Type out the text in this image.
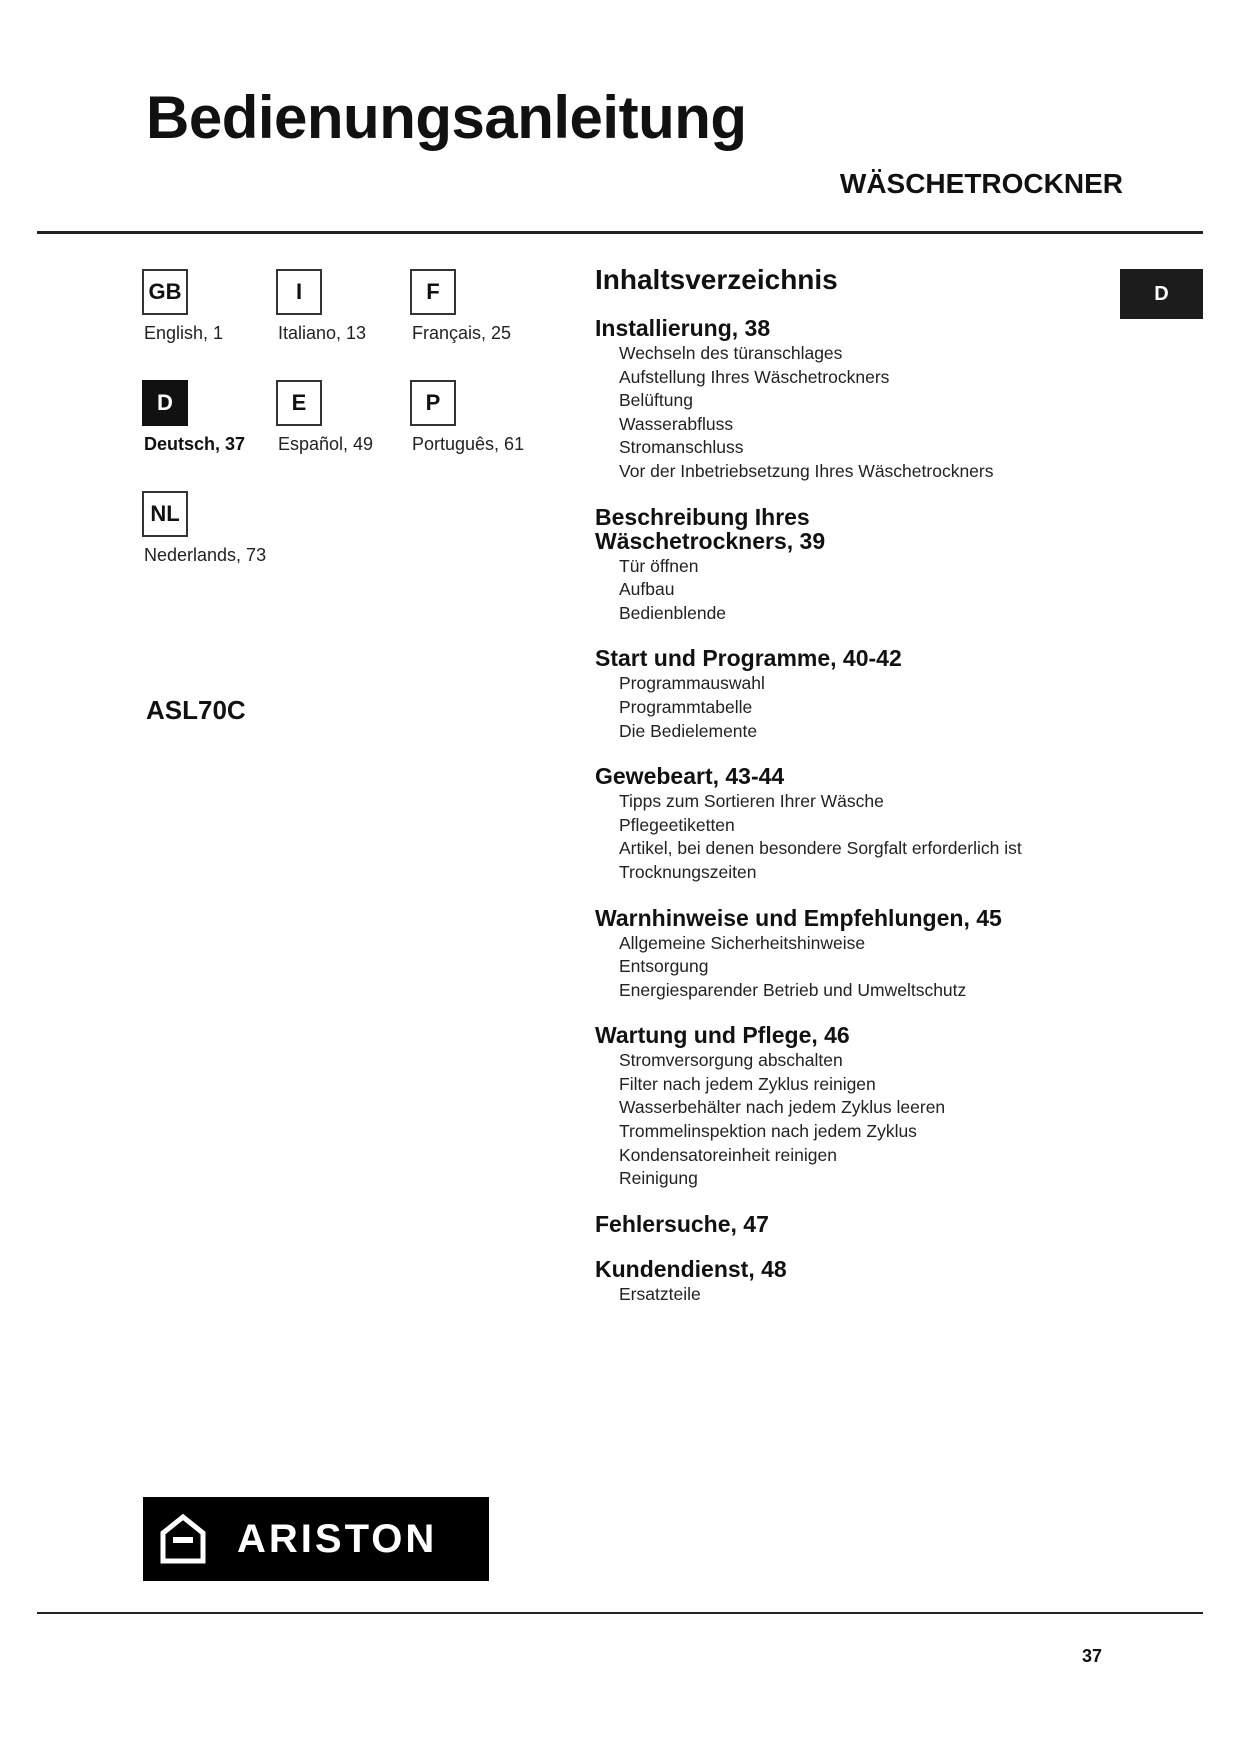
Bedienungsanleitung
WÄSCHETROCKNER
GB
English, 1
I
Italiano, 13
F
Français, 25
D
Deutsch, 37
E
Español, 49
P
Português, 61
NL
Nederlands, 73
ASL70C
D
Inhaltsverzeichnis
Installierung, 38
Wechseln des türanschlages
Aufstellung Ihres Wäschetrockners
Belüftung
Wasserabfluss
Stromanschluss
Vor der Inbetriebsetzung Ihres Wäschetrockners
Beschreibung Ihres
Wäschetrockners, 39
Tür öffnen
Aufbau
Bedienblende
Start und Programme, 40-42
Programmauswahl
Programmtabelle
Die Bedielemente
Gewebeart, 43-44
Tipps zum Sortieren Ihrer Wäsche
Pflegeetiketten
Artikel, bei denen besondere Sorgfalt erforderlich ist
Trocknungszeiten
Warnhinweise und Empfehlungen, 45
Allgemeine Sicherheitshinweise
Entsorgung
Energiesparender Betrieb und Umweltschutz
Wartung und Pflege, 46
Stromversorgung abschalten
Filter nach jedem Zyklus reinigen
Wasserbehälter nach jedem Zyklus leeren
Trommelinspektion nach jedem Zyklus
Kondensatoreinheit reinigen
Reinigung
Fehlersuche, 47
Kundendienst, 48
Ersatzteile
ARISTON
37
